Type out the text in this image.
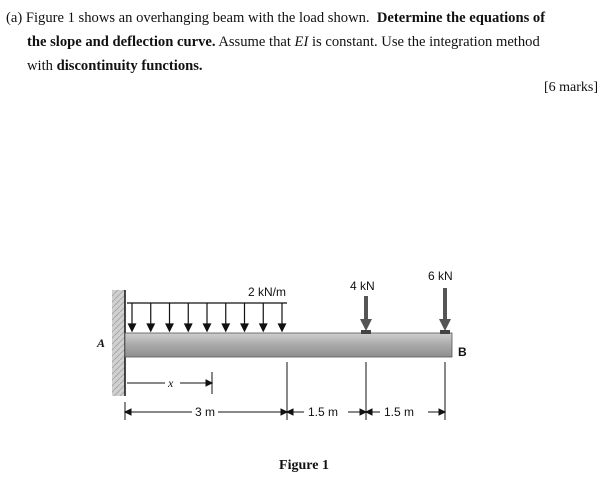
(a) Figure 1 shows an overhanging beam with the load shown. Determine the equations of
the slope and deflection curve. Assume that EI is constant. Use the integration method
with discontinuity functions.
[6 marks]
2 kN/m	4 kN
6 kN
A
B
x
3 m	1.5 m	1.5 m
Figure 1
